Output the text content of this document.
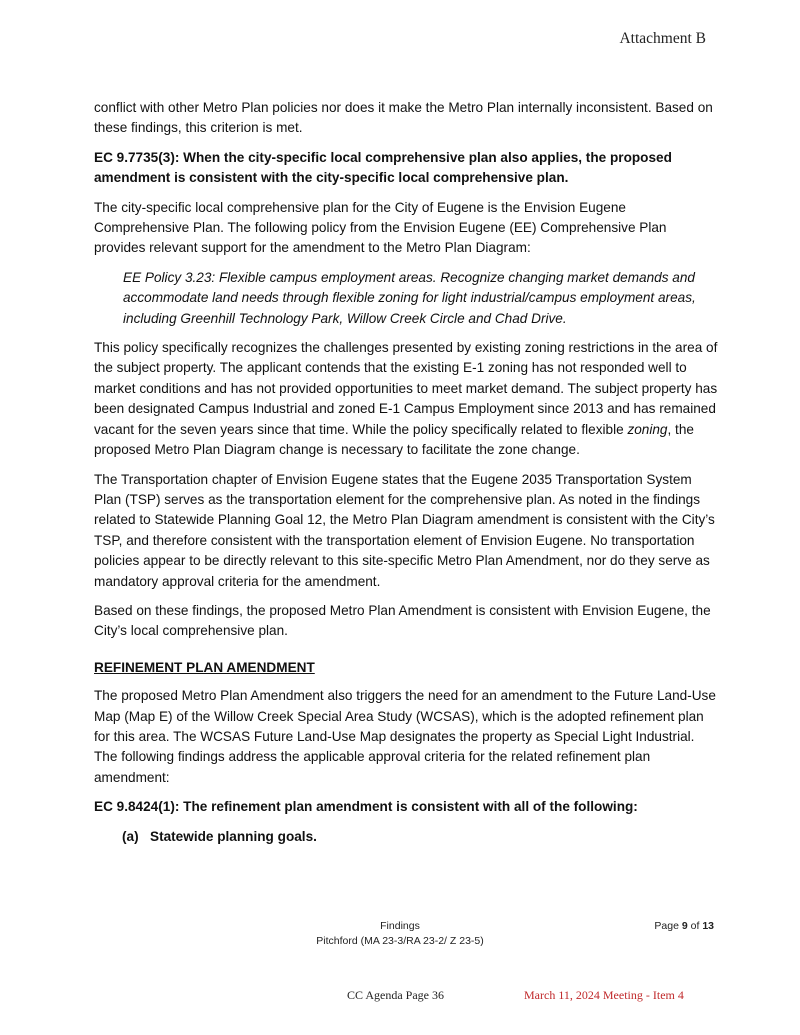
Attachment B

conflict with other Metro Plan policies nor does it make the Metro Plan internally inconsistent. Based on these findings, this criterion is met.

EC 9.7735(3): When the city-specific local comprehensive plan also applies, the proposed amendment is consistent with the city-specific local comprehensive plan.

The city-specific local comprehensive plan for the City of Eugene is the Envision Eugene Comprehensive Plan. The following policy from the Envision Eugene (EE) Comprehensive Plan provides relevant support for the amendment to the Metro Plan Diagram:

EE Policy 3.23: Flexible campus employment areas. Recognize changing market demands and accommodate land needs through flexible zoning for light industrial/campus employment areas, including Greenhill Technology Park, Willow Creek Circle and Chad Drive.

This policy specifically recognizes the challenges presented by existing zoning restrictions in the area of the subject property. The applicant contends that the existing E-1 zoning has not responded well to market conditions and has not provided opportunities to meet market demand. The subject property has been designated Campus Industrial and zoned E-1 Campus Employment since 2013 and has remained vacant for the seven years since that time. While the policy specifically related to flexible zoning, the proposed Metro Plan Diagram change is necessary to facilitate the zone change.

The Transportation chapter of Envision Eugene states that the Eugene 2035 Transportation System Plan (TSP) serves as the transportation element for the comprehensive plan. As noted in the findings related to Statewide Planning Goal 12, the Metro Plan Diagram amendment is consistent with the City’s TSP, and therefore consistent with the transportation element of Envision Eugene. No transportation policies appear to be directly relevant to this site-specific Metro Plan Amendment, nor do they serve as mandatory approval criteria for the amendment.

Based on these findings, the proposed Metro Plan Amendment is consistent with Envision Eugene, the City’s local comprehensive plan.

REFINEMENT PLAN AMENDMENT

The proposed Metro Plan Amendment also triggers the need for an amendment to the Future Land-Use Map (Map E) of the Willow Creek Special Area Study (WCSAS), which is the adopted refinement plan for this area. The WCSAS Future Land-Use Map designates the property as Special Light Industrial. The following findings address the applicable approval criteria for the related refinement plan amendment:

EC 9.8424(1): The refinement plan amendment is consistent with all of the following:

(a) Statewide planning goals.

Findings
Pitchford (MA 23-3/RA 23-2/ Z 23-5)
Page 9 of 13
CC Agenda Page 36	March 11, 2024 Meeting - Item 4
